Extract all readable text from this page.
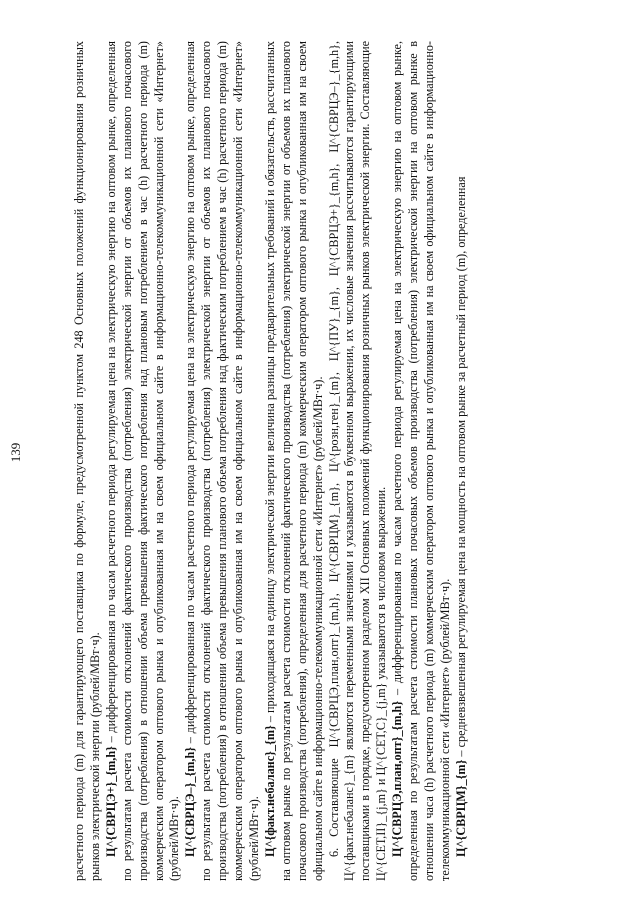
139	расчетного периода (m) для гарантирующего поставщика по формуле, предусмотренной пунктом 248 Основных положений функционирования розничных рынков электрической энергии (рублей/МВт·ч). Ц^{СВРЦЭ+}_{m,h} – дифференцированная по часам расчетного периода регулируемая цена на электрическую энергию на оптовом рынке, определенная по результатам расчета стоимости отклонений фактического производства (потребления) электрической энергии от объемов их планового почасового производства (потребления) в отношении объема превышения фактического потребления над плановым потреблением в час (h) расчетного периода (m) коммерческим оператором оптового рынка и опубликованная им на своем официальном сайте в информационно-телекоммуникационной сети «Интернет» (рублей/МВт·ч). Ц^{СВРЦЭ–}_{m,h} – дифференцированная по часам расчетного периода регулируемая цена на электрическую энергию на оптовом рынке, определенная по результатам расчета стоимости отклонений фактического производства (потребления) электрической энергии от объемов их планового почасового производства (потребления) в отношении объема превышения планового объема потребления над фактическим потреблением в час (h) расчетного периода (m) коммерческим оператором оптового рынка и опубликованная им на своем официальном сайте в информационно-телекоммуникационной сети «Интернет» (рублей/МВт·ч). Ц^{факт.небаланс}_{m} – приходящаяся на единицу электрической энергии величина разницы предварительных требований и обязательств, рассчитанных на оптовом рынке по результатам расчета стоимости отклонений фактического производства (потребления) электрической энергии от объемов их планового почасового производства (потребления), определенная для расчетного периода (m) коммерческим оператором оптового рынка и опубликованная им на своем официальном сайте в информационно-телекоммуникационной сети «Интернет» (рублей/МВт·ч). 6. Составляющие Ц^{СВРЦЭ,план,опт}_{m,h}, Ц^{СВРЦМ}_{m}, Ц^{розн,ген}_{m}, Ц^{ПУ}_{m}, Ц^{СВРЦЭ+}_{m,h}, Ц^{СВРЦЭ–}_{m,h}, Ц^{факт.небаланс}_{m} являются переменными значениями и указываются в буквенном выражении, их числовые значения рассчитываются гарантирующими поставщиками в порядке, предусмотренном разделом XII Основных положений функционирования розничных рынков электрической энергии. Составляющие Ц^{СЕТ,II}_{j,m} и Ц^{СЕТ,С}_{j,m} указываются в числовом выражении. Ц^{СВРЦЭ,план,опт}_{m,h} – дифференцированная по часам расчетного периода регулируемая цена на электрическую энергию на оптовом рынке, определенная по результатам расчета стоимости плановых почасовых объемов производства (потребления) электрической энергии на оптовом рынке в отношении часа (h) расчетного периода (m) коммерческим оператором оптового рынка и опубликованная им на своем официальном сайте в информационно-телекоммуникационной сети «Интернет» (рублей/МВт·ч). Ц^{СВРЦМ}_{m} – средневзвешенная регулируемая цена на мощность на оптовом рынке за расчетный период (m), определенная
